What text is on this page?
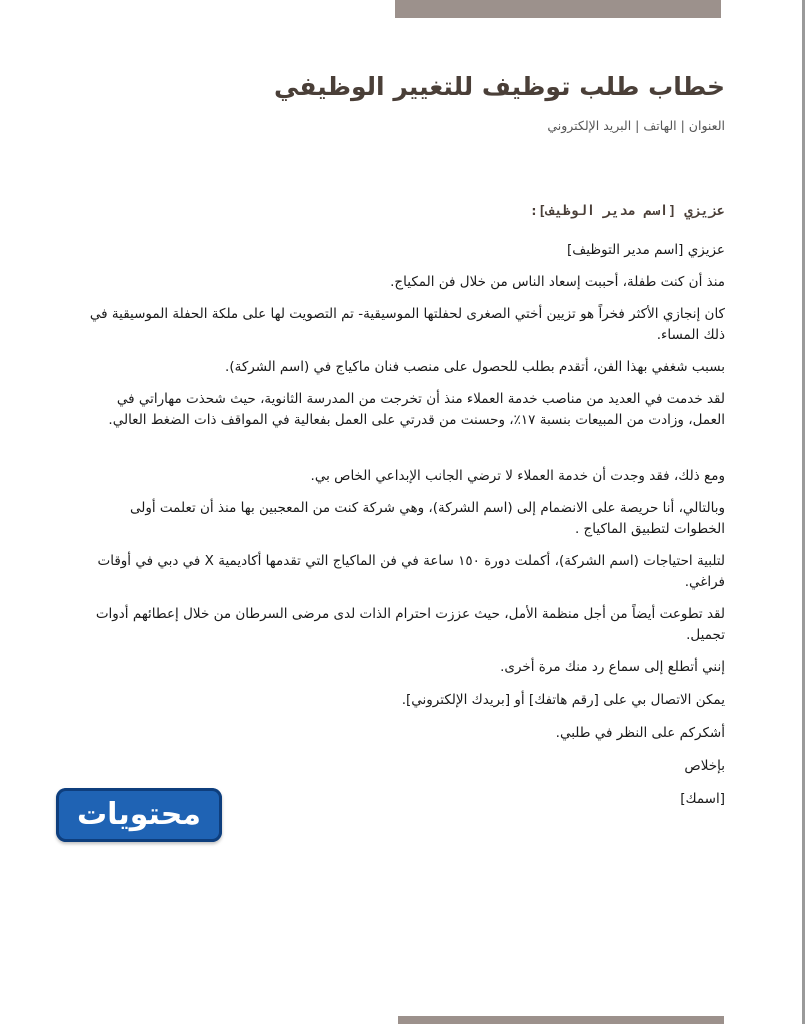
خطاب طلب توظيف للتغيير الوظيفي
العنوان | الهاتف | البريد الإلكتروني
عزيزي [اسم مدير الوظيف]:

عزيزي [اسم مدير التوظيف]

منذ أن كنت طفلة، أحببت إسعاد الناس من خلال فن المكياج.

كان إنجازي الأكثر فخراً هو تزيين أختي الصغرى لحفلتها الموسيقية- تم التصويت لها على ملكة الحفلة الموسيقية في ذلك المساء.

بسبب شغفي بهذا الفن، أتقدم بطلب للحصول على منصب فنان ماكياج في (اسم الشركة).

لقد خدمت في العديد من مناصب خدمة العملاء منذ أن تخرجت من المدرسة الثانوية، حيث شحذت مهاراتي في العمل، وزادت من المبيعات بنسبة ١٧٪، وحسنت من قدرتي على العمل بفعالية في المواقف ذات الضغط العالي.

ومع ذلك، فقد وجدت أن خدمة العملاء لا ترضي الجانب الإبداعي الخاص بي.

وبالتالي، أنا حريصة على الانضمام إلى (اسم الشركة)، وهي شركة كنت من المعجبين بها منذ أن تعلمت أولى الخطوات لتطبيق الماكياج .

لتلبية احتياجات (اسم الشركة)، أكملت دورة ١٥٠ ساعة في فن الماكياج التي تقدمها أكاديمية X في دبي في أوقات فراغي.

لقد تطوعت أيضاً من أجل منظمة الأمل، حيث عززت احترام الذات لدى مرضى السرطان من خلال إعطائهم أدوات تجميل.

إنني أتطلع إلى سماع رد منك مرة أخرى.

يمكن الاتصال بي على [رقم هاتفك] أو [بريدك الإلكتروني].

أشكركم على النظر في طلبي.

بإخلاص

[اسمك]

محتويات
